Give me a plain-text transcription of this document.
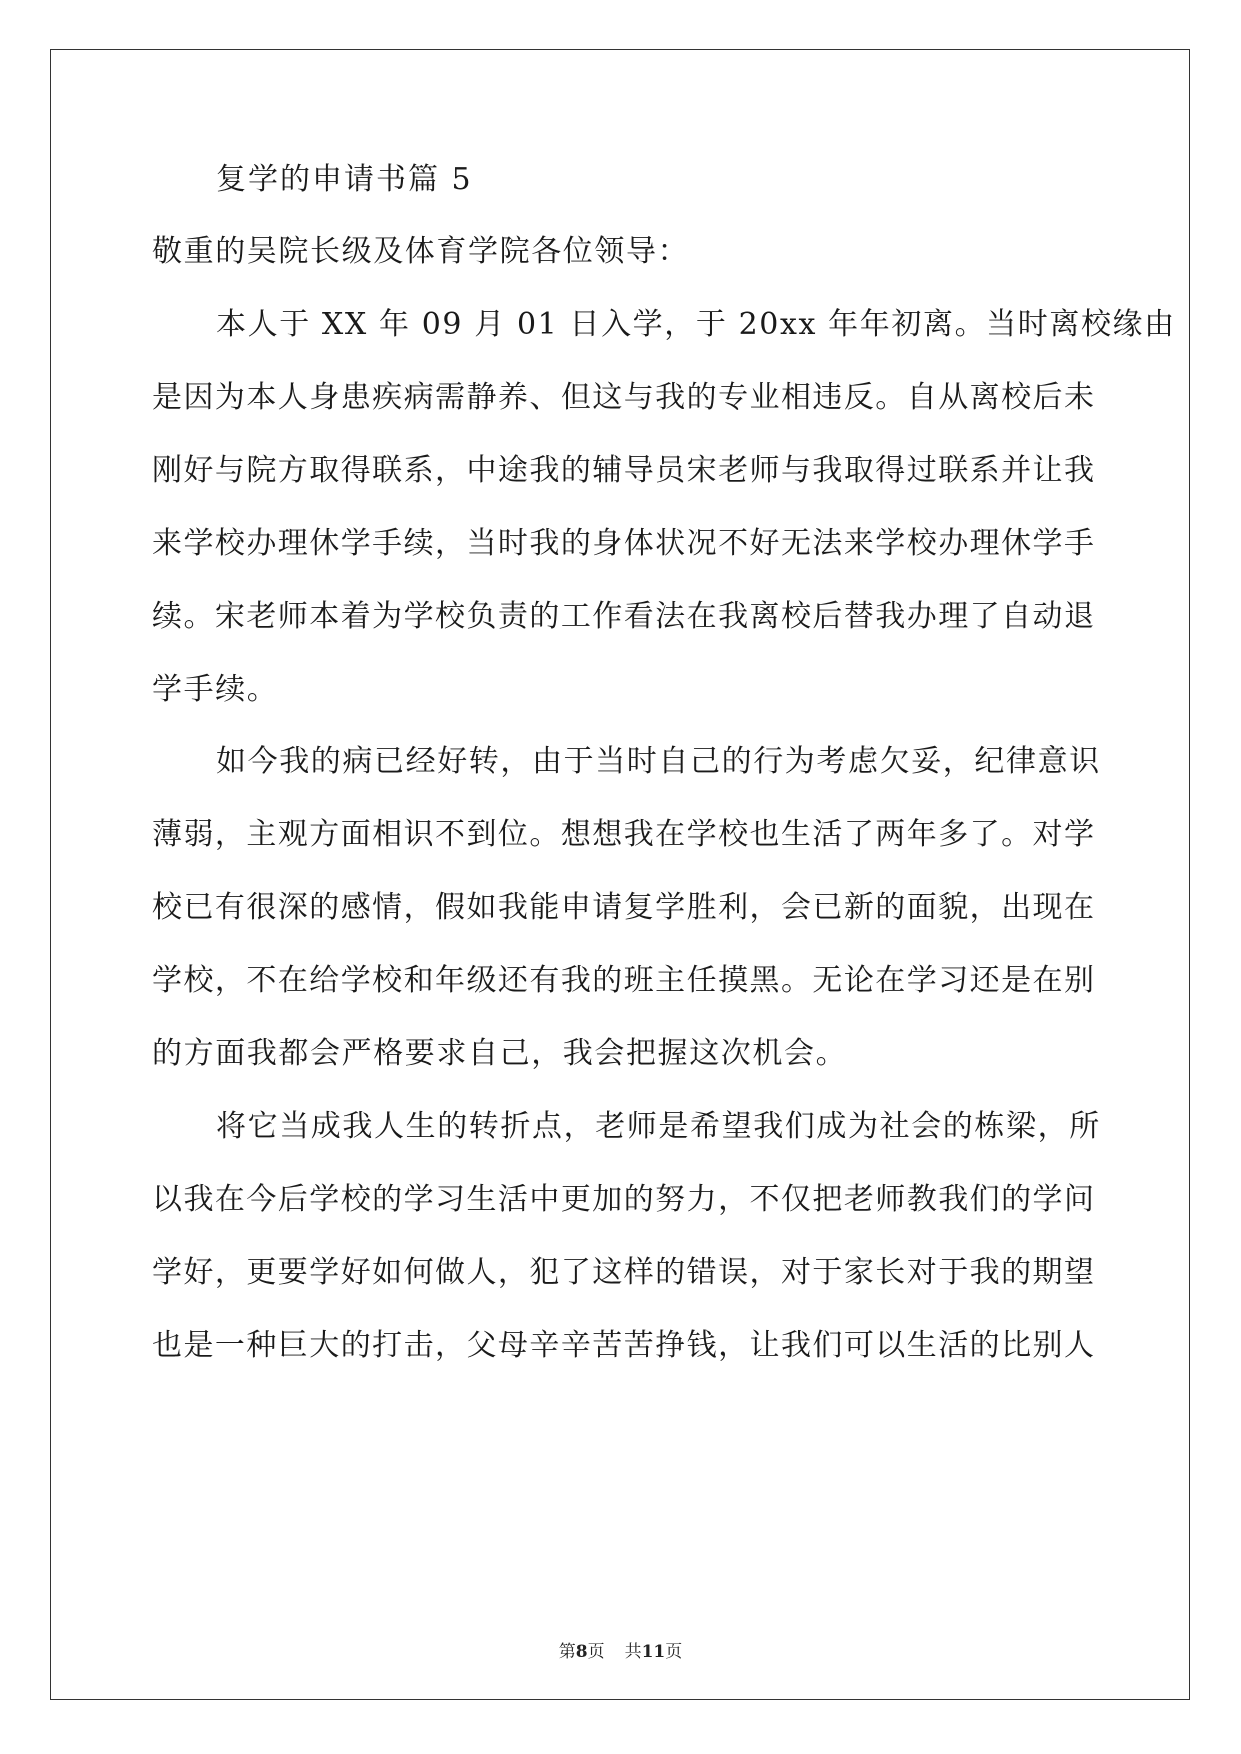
复学的申请书篇 5
敬重的吴院长级及体育学院各位领导：
本人于 XX 年 09 月 01 日入学，于 20xx 年年初离。当时离校缘由
是因为本人身患疾病需静养、但这与我的专业相违反。自从离校后未
刚好与院方取得联系，中途我的辅导员宋老师与我取得过联系并让我
来学校办理休学手续，当时我的身体状况不好无法来学校办理休学手
续。宋老师本着为学校负责的工作看法在我离校后替我办理了自动退
学手续。
如今我的病已经好转，由于当时自己的行为考虑欠妥，纪律意识
薄弱，主观方面相识不到位。想想我在学校也生活了两年多了。对学
校已有很深的感情，假如我能申请复学胜利，会已新的面貌，出现在
学校，不在给学校和年级还有我的班主任摸黑。无论在学习还是在别
的方面我都会严格要求自己，我会把握这次机会。
将它当成我人生的转折点，老师是希望我们成为社会的栋梁，所
以我在今后学校的学习生活中更加的努力，不仅把老师教我们的学问
学好，更要学好如何做人，犯了这样的错误，对于家长对于我的期望
也是一种巨大的打击，父母辛辛苦苦挣钱，让我们可以生活的比别人
第8页 共11页
